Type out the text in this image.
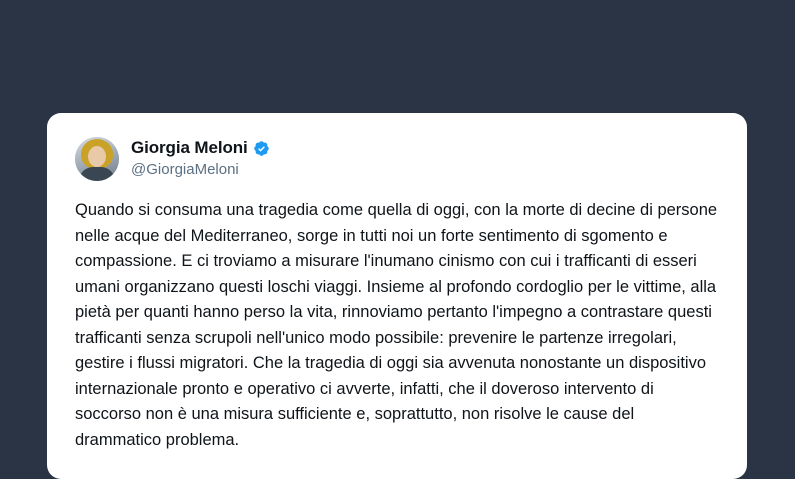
Giorgia Meloni
@GiorgiaMeloni
Quando si consuma una tragedia come quella di oggi, con la morte di decine di persone nelle acque del Mediterraneo, sorge in tutti noi un forte sentimento di sgomento e compassione. E ci troviamo a misurare l'inumano cinismo con cui i trafficanti di esseri umani organizzano questi loschi viaggi. Insieme al profondo cordoglio per le vittime, alla pietà per quanti hanno perso la vita, rinnoviamo pertanto l'impegno a contrastare questi trafficanti senza scrupoli nell'unico modo possibile: prevenire le partenze irregolari, gestire i flussi migratori. Che la tragedia di oggi sia avvenuta nonostante un dispositivo internazionale pronto e operativo ci avverte, infatti, che il doveroso intervento di soccorso non è una misura sufficiente e, soprattutto, non risolve le cause del drammatico problema.
